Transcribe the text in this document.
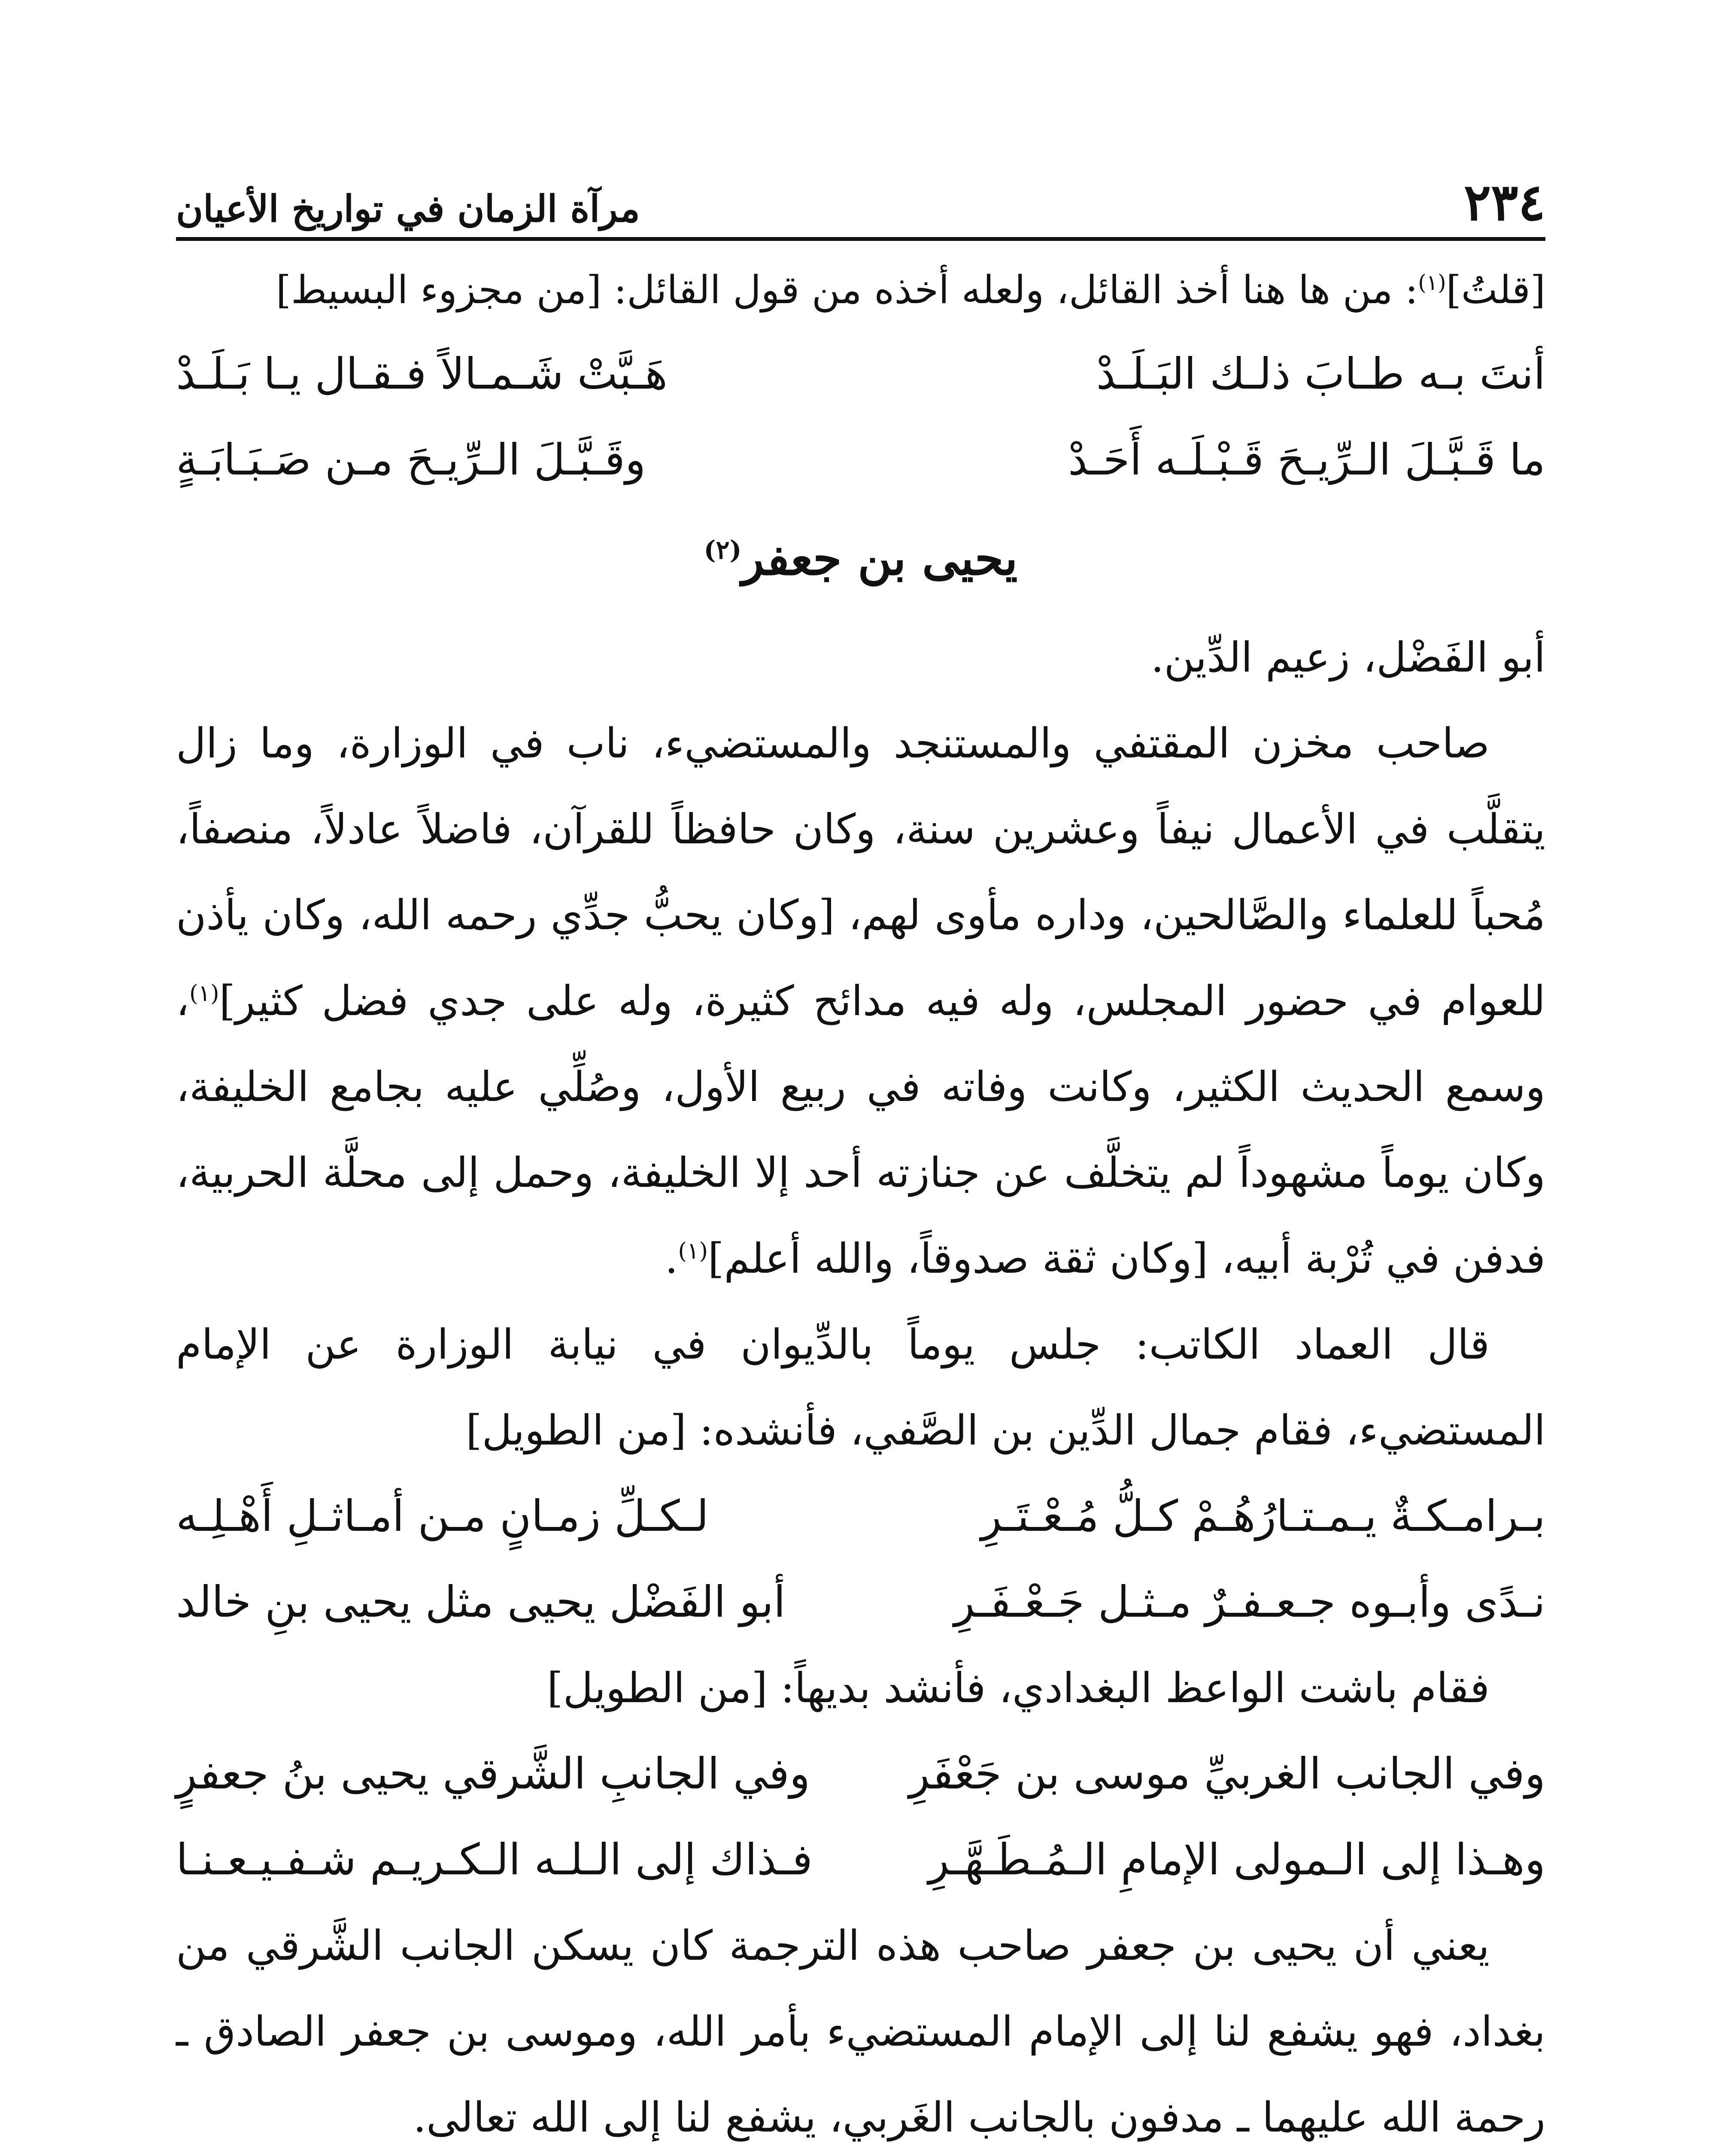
٢٣٤
مرآة الزمان في تواريخ الأعيان

[قلتُ]$^{(١)}$: من ها هنا أخذ القائل، ولعله أخذه من قول القائل: [من مجزوء البسيط]

أنتَ بـه طـابَ ذلـك البَـلَـدْ
هَـبَّتْ شَـمـالاً فـقـال يـا بَـلَـدْ
ما قَـبَّـلَ الـرِّيـحَ قَـبْـلَـه أَحَـدْ
وقَـبَّـلَ الـرِّيـحَ مـن صَـبَـابَـةٍ
يحيى بن جعفر$^{(٢)}$

أبو الفَضْل، زعيم الدِّين.

صاحب مخزن المقتفي والمستنجد والمستضيء، ناب في الوزارة، وما زال يتقلَّب في الأعمال نيفاً وعشرين سنة، وكان حافظاً للقرآن، فاضلاً عادلاً، منصفاً، مُحباً للعلماء والصَّالحين، وداره مأوى لهم، [وكان يحبُّ جدِّي رحمه الله، وكان يأذن للعوام في حضور المجلس، وله فيه مدائح كثيرة، وله على جدي فضل كثير]$^{(١)}$، وسمع الحديث الكثير، وكانت وفاته في ربيع الأول، وصُلِّي عليه بجامع الخليفة، وكان يوماً مشهوداً لم يتخلَّف عن جنازته أحد إلا الخليفة، وحمل إلى محلَّة الحربية، فدفن في تُرْبة أبيه، [وكان ثقة صدوقاً، والله أعلم]$^{(١)}$.

قال العماد الكاتب: جلس يوماً بالدِّيوان في نيابة الوزارة عن الإمام المستضيء، فقام جمال الدِّين بن الصَّفي، فأنشده: [من الطويل]

بـرامـكـةٌ يـمـتـارُهُـمْ كـلُّ مُـعْـتَـرِ
لـكـلِّ زمـانٍ مـن أمـاثـلِ أَهْـلِـه
نـدًى وأبـوه جـعـفـرٌ مـثـل جَـعْـفَـرِ
أبو الفَضْل يحيى مثل يحيى بنِ خالد

فقام باشت الواعظ البغدادي، فأنشد بديهاً: [من الطويل]

وفي الجانب الغربيِّ موسى بن جَعْفَرِ
وفي الجانبِ الشَّرقي يحيى بنُ جعفرٍ
وهـذا إلى الـمولى الإمامِ الـمُـطَـهَّـرِ
فـذاك إلى الـلـه الـكـريـم شـفـيـعـنـا

يعني أن يحيى بن جعفر صاحب هذه الترجمة كان يسكن الجانب الشَّرقي من بغداد، فهو يشفع لنا إلى الإمام المستضيء بأمر الله، وموسى بن جعفر الصادق ـ رحمة الله عليهما ـ مدفون بالجانب الغَربي، يشفع لنا إلى الله تعالى.
